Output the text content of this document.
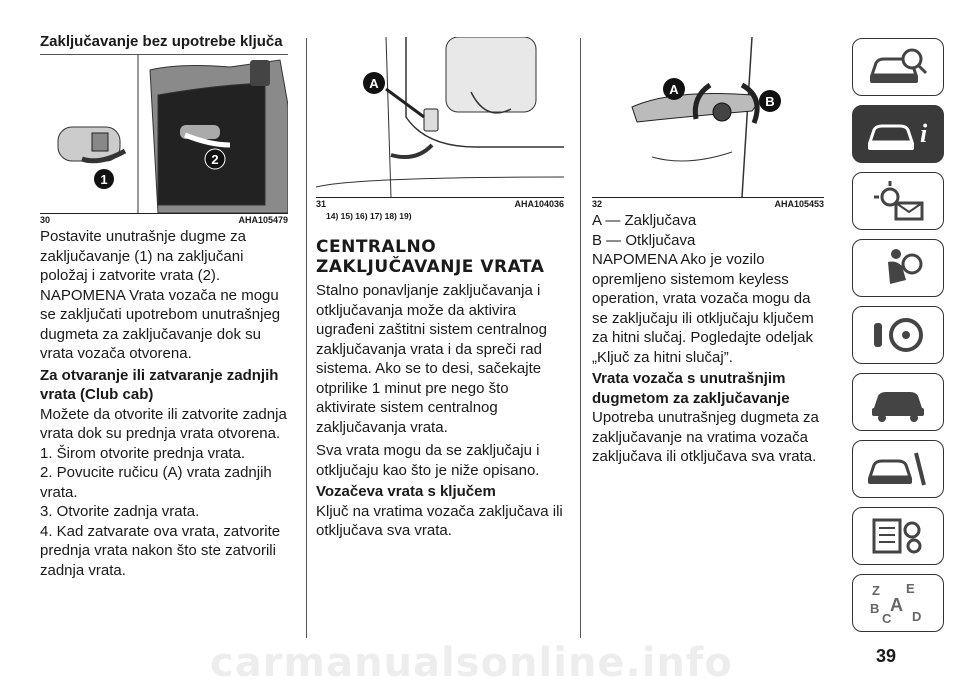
Zaključavanje bez upotrebe ključa
1
2
30	AHA105479

Postavite unutrašnje dugme za zaključavanje (1) na zaključani položaj i zatvorite vrata (2).

NAPOMENA Vrata vozača ne mogu se zaključati upotrebom unutrašnjeg dugmeta za zaključavanje dok su vrata vozača otvorena.

Za otvaranje ili zatvaranje zadnjih vrata (Club cab)

Možete da otvorite ili zatvorite zadnja vrata dok su prednja vrata otvorena.

1. Širom otvorite prednja vrata.

2. Povucite ručicu (A) vrata zadnjih vrata.

3. Otvorite zadnja vrata.

4. Kad zatvarate ova vrata, zatvorite prednja vrata nakon što ste zatvorili zadnja vrata.

A
31	AHA104036
14) 15) 16) 17) 18) 19)
CENTRALNO ZAKLJUČAVANJE VRATA

Stalno ponavljanje zaključavanja i otključavanja može da aktivira ugrađeni zaštitni sistem centralnog zaključavanja vrata i da spreči rad sistema. Ako se to desi, sačekajte otprilike 1 minut pre nego što aktivirate sistem centralnog zaključavanja vrata.

Sva vrata mogu da se zaključaju i otključaju kao što je niže opisano.

Vozačeva vrata s ključem

Ključ na vratima vozača zaključava ili otključava sva vrata.

A
B
32	AHA105453

A — Zaključava

B — Otključava

NAPOMENA Ako je vozilo opremljeno sistemom keyless operation, vrata vozača mogu da se zaključaju ili otključaju ključem za hitni slučaj. Pogledajte odeljak „Ključ za hitni slučaj”.

Vrata vozača s unutrašnjim dugmetom za zaključavanje

Upotreba unutrašnjeg dugmeta za zaključavanje na vratima vozača zaključava ili otključava sva vrata.

i
Z E
B A
C D
39
carmanualsonline.info
